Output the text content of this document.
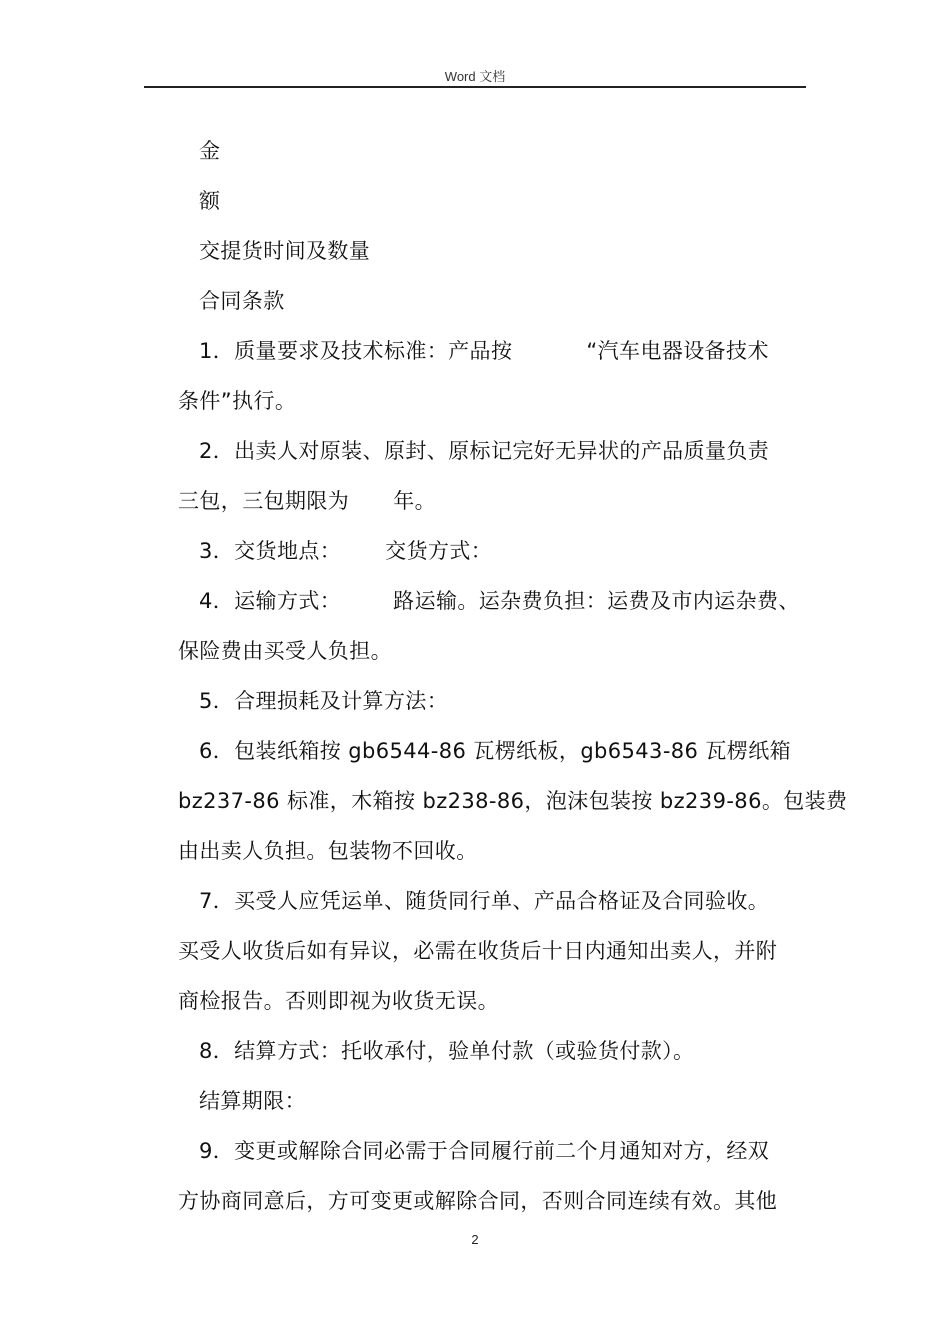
Word 文档
金
额
交提货时间及数量
合同条款
1．质量要求及技术标准：产品按	“汽车电器设备技术
条件”执行。
2．出卖人对原装、原封、原标记完好无异状的产品质量负责
三包，三包期限为 年。
3．交货地点： 交货方式：
4．运输方式： 路运输。运杂费负担：运费及市内运杂费、
保险费由买受人负担。
5．合理损耗及计算方法：
6．包装纸箱按 gb6544-86 瓦楞纸板，gb6543-86 瓦楞纸箱
bz237-86 标准，木箱按 bz238-86，泡沫包装按 bz239-86。包装费
由出卖人负担。包装物不回收。
7．买受人应凭运单、随货同行单、产品合格证及合同验收。
买受人收货后如有异议，必需在收货后十日内通知出卖人，并附
商检报告。否则即视为收货无误。
8．结算方式：托收承付，验单付款（或验货付款）。
结算期限：
9．变更或解除合同必需于合同履行前二个月通知对方，经双
方协商同意后，方可变更或解除合同，否则合同连续有效。其他
2
